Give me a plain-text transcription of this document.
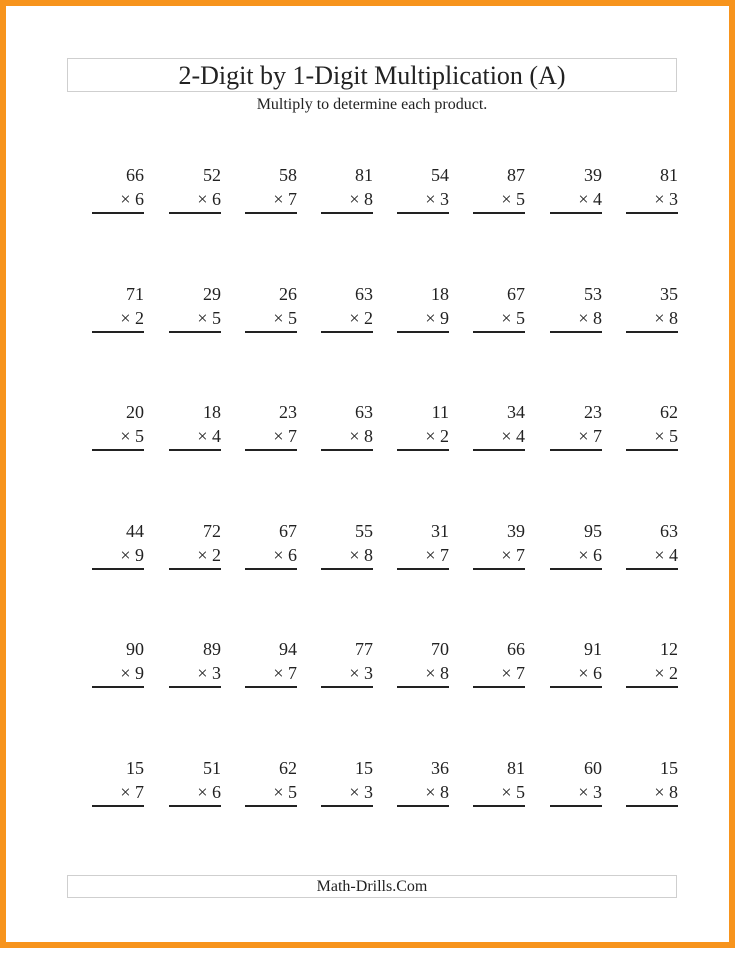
2-Digit by 1-Digit Multiplication (A)
Multiply to determine each product.
66
× 6
52
× 6
58
× 7
81
× 8
54
× 3
87
× 5
39
× 4
81
× 3
71
× 2
29
× 5
26
× 5
63
× 2
18
× 9
67
× 5
53
× 8
35
× 8
20
× 5
18
× 4
23
× 7
63
× 8
11
× 2
34
× 4
23
× 7
62
× 5
44
× 9
72
× 2
67
× 6
55
× 8
31
× 7
39
× 7
95
× 6
63
× 4
90
× 9
89
× 3
94
× 7
77
× 3
70
× 8
66
× 7
91
× 6
12
× 2
15
× 7
51
× 6
62
× 5
15
× 3
36
× 8
81
× 5
60
× 3
15
× 8
Math-Drills.Com
